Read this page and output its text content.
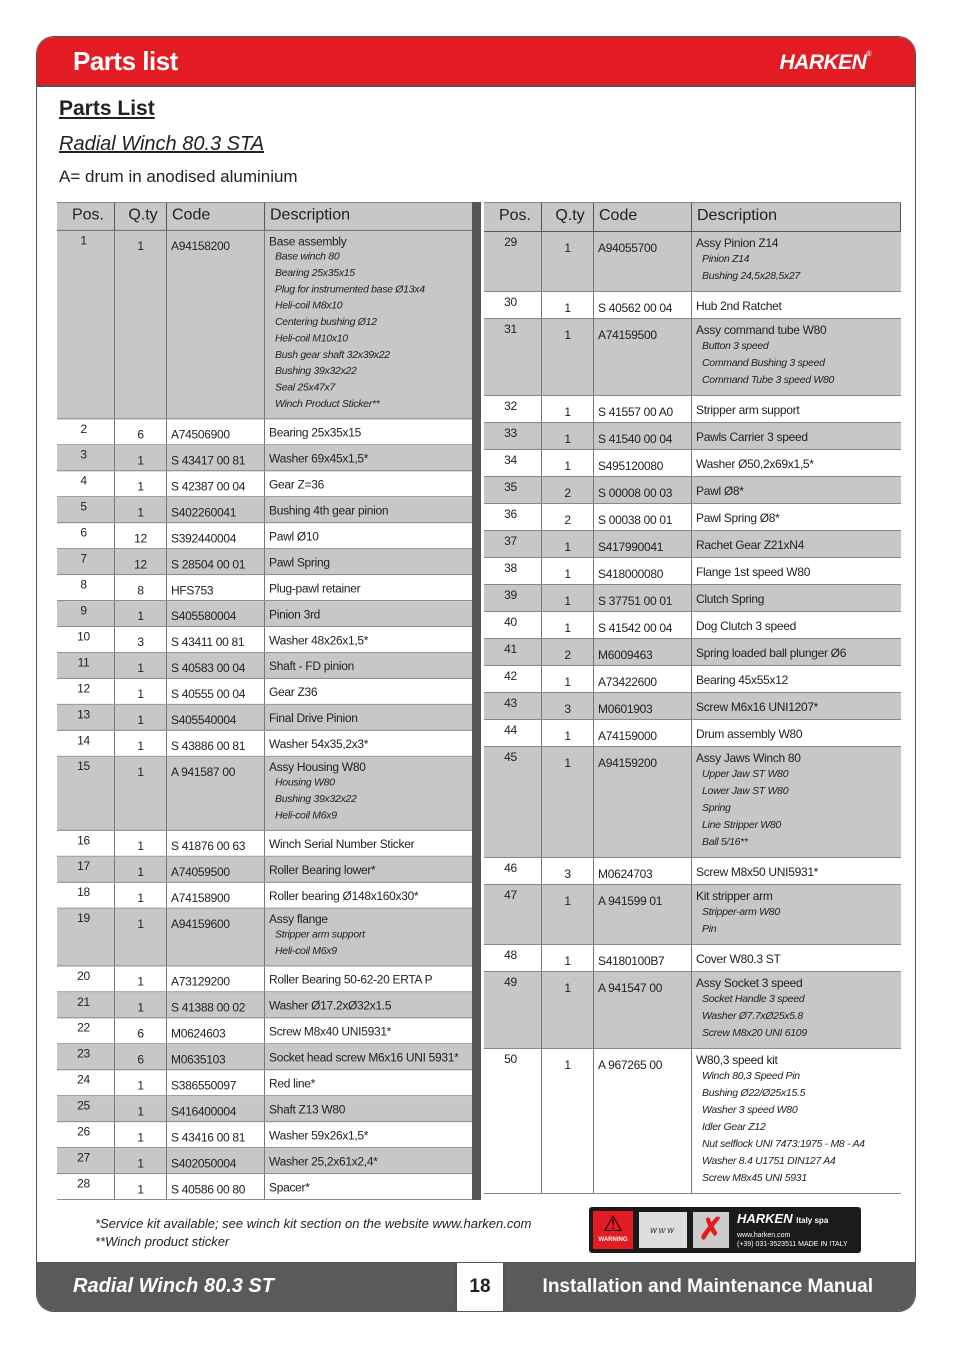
Parts list	HARKEN®
Parts List
Radial Winch 80.3 STA
A= drum in anodised aluminium
Pos.	Q.ty Code	Description
1	1	A94158200	Base assembly
Base winch 80
Bearing 25x35x15
Plug for instrumented base Ø13x4
Heli-coil M8x10
Centering bushing Ø12
Heli-coil M10x10
Bush gear shaft 32x39x22
Bushing 39x32x22
Seal 25x47x7
Winch Product Sticker**
2	6	A74506900	Bearing 25x35x15
3	1	S 43417 00 81	Washer 69x45x1,5*
4	1	S 42387 00 04	Gear Z=36
5	1	S402260041	Bushing 4th gear pinion
6	12	S392440004	Pawl Ø10
7	12	S 28504 00 01	Pawl Spring
8	8	HFS753	Plug-pawl retainer
9	1	S405580004	Pinion 3rd
10	3	S 43411 00 81	Washer 48x26x1,5*
11	1	S 40583 00 04	Shaft - FD pinion
12	1	S 40555 00 04	Gear Z36
13	1	S405540004	Final Drive Pinion
14	1	S 43886 00 81	Washer 54x35,2x3*
15	1	A 941587 00	Assy Housing W80
Housing W80
Bushing 39x32x22
Heli-coil M6x9
16	1	S 41876 00 63	Winch Serial Number Sticker
17	1	A74059500	Roller Bearing lower*
18	1	A74158900	Roller bearing Ø148x160x30*
19	1	A94159600	Assy flange
Stripper arm support
Heli-coil M6x9
20	1	A73129200	Roller Bearing 50-62-20 ERTA P
21	1	S 41388 00 02	Washer Ø17.2xØ32x1.5
22	6	M0624603	Screw M8x40 UNI5931*
23	6	M0635103	Socket head screw M6x16 UNI 5931*
24	1	S386550097	Red line*
25	1	S416400004	Shaft Z13 W80
26	1	S 43416 00 81	Washer 59x26x1,5*
27	1	S402050004	Washer 25,2x61x2,4*
28	1	S 40586 00 80	Spacer*
Pos.	Q.ty Code	Description
29	1	A94055700	Assy Pinion Z14
Pinion Z14
Bushing 24,5x28,5x27
30	1	S 40562 00 04	Hub 2nd Ratchet
31	1	A74159500	Assy command tube W80
Button 3 speed
Command Bushing 3 speed
Command Tube 3 speed W80
32	1	S 41557 00 A0	Stripper arm support
33	1	S 41540 00 04	Pawls Carrier 3 speed
34	1	S495120080	Washer Ø50,2x69x1,5*
35	2	S 00008 00 03	Pawl Ø8*
36	2	S 00038 00 01	Pawl Spring Ø8*
37	1	S417990041	Rachet Gear Z21xN4
38	1	S418000080	Flange 1st speed W80
39	1	S 37751 00 01	Clutch Spring
40	1	S 41542 00 04	Dog Clutch 3 speed
41	2	M6009463	Spring loaded ball plunger Ø6
42	1	A73422600	Bearing 45x55x12
43	3	M0601903	Screw M6x16 UNI1207*
44	1	A74159000	Drum assembly W80
45	1	A94159200	Assy Jaws Winch 80
Upper Jaw ST W80
Lower Jaw ST W80
Spring
Line Stripper W80
Ball 5/16**
46	3	M0624703	Screw M8x50 UNI5931*
47	1	A 941599 01	Kit stripper arm
Stripper-arm W80
Pin
48	1	S4180100B7	Cover W80.3 ST
49	1	A 941547 00	Assy Socket 3 speed
Socket Handle 3 speed
Washer Ø7.7xØ25x5.8
Screw M8x20 UNI 6109
50	1	A 967265 00	W80,3 speed kit
Winch 80,3 Speed Pin
Bushing Ø22/Ø25x15.5
Washer 3 speed W80
Idler Gear Z12
Nut selflock UNI 7473:1975 - M8 - A4
Washer 8.4 U1751 DIN127 A4
Screw M8x45 UNI 5931
*Service kit available; see winch kit section on the website www.harken.com
**Winch product sticker
⚠
WARNING
www ✗	HARKEN Italy spa
www.harken.com
(+39) 031-3523511 MADE IN ITALY
Radial Winch 80.3 ST	18	Installation and Maintenance Manual
